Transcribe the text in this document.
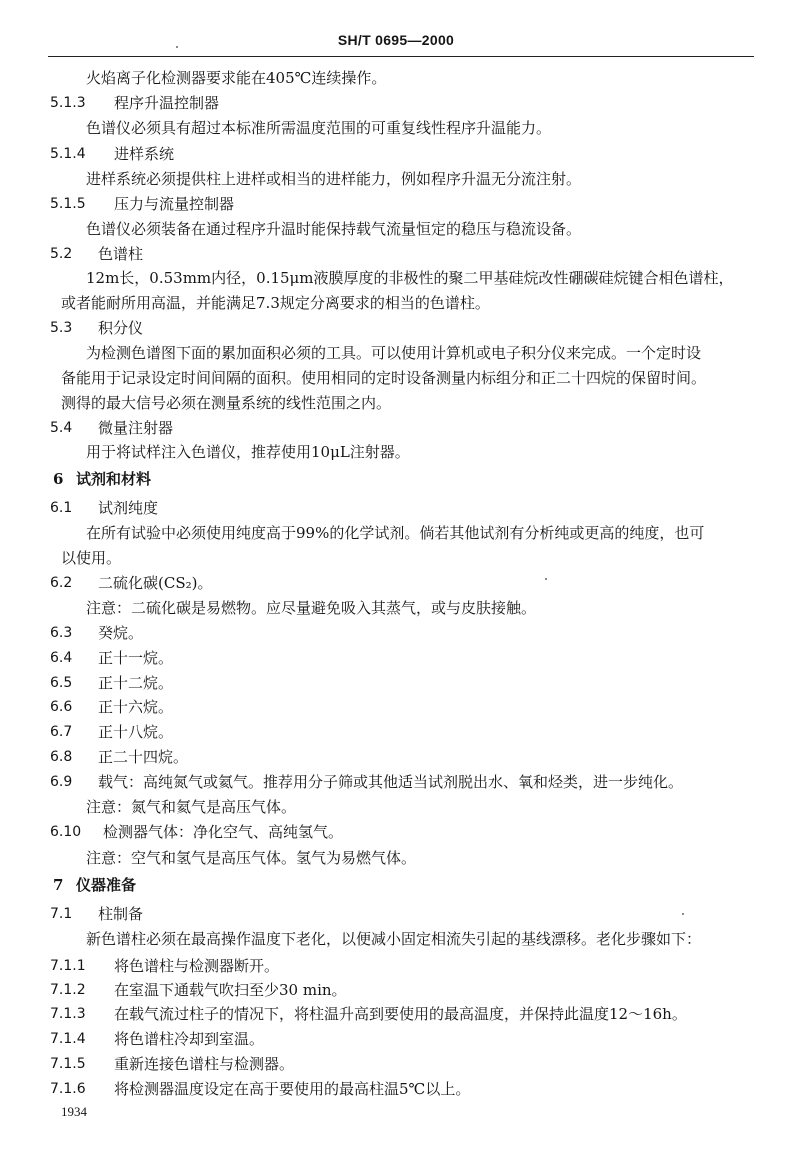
SH/T 0695—2000
火焰离子化检测器要求能在405℃连续操作。
5.1.3 程序升温控制器
色谱仪必须具有超过本标准所需温度范围的可重复线性程序升温能力。
5.1.4 进样系统
进样系统必须提供柱上进样或相当的进样能力，例如程序升温无分流注射。
5.1.5 压力与流量控制器
色谱仪必须装备在通过程序升温时能保持载气流量恒定的稳压与稳流设备。
5.2 色谱柱
12m长，0.53mm内径，0.15μm液膜厚度的非极性的聚二甲基硅烷改性硼碳硅烷键合相色谱柱，
或者能耐所用高温，并能满足7.3规定分离要求的相当的色谱柱。
5.3 积分仪
为检测色谱图下面的累加面积必须的工具。可以使用计算机或电子积分仪来完成。一个定时设
备能用于记录设定时间间隔的面积。使用相同的定时设备测量内标组分和正二十四烷的保留时间。
测得的最大信号必须在测量系统的线性范围之内。
5.4 微量注射器
用于将试样注入色谱仪，推荐使用10μL注射器。
6 试剂和材料
6.1 试剂纯度
在所有试验中必须使用纯度高于99%的化学试剂。倘若其他试剂有分析纯或更高的纯度，也可
以使用。
6.2 二硫化碳(CS₂)。
注意：二硫化碳是易燃物。应尽量避免吸入其蒸气，或与皮肤接触。
6.3 癸烷。
6.4 正十一烷。
6.5 正十二烷。
6.6 正十六烷。
6.7 正十八烷。
6.8 正二十四烷。
6.9 载气：高纯氮气或氦气。推荐用分子筛或其他适当试剂脱出水、氧和烃类，进一步纯化。
注意：氮气和氦气是高压气体。
6.10 检测器气体：净化空气、高纯氢气。
注意：空气和氢气是高压气体。氢气为易燃气体。
7 仪器准备
7.1 柱制备
新色谱柱必须在最高操作温度下老化，以便减小固定相流失引起的基线漂移。老化步骤如下：
7.1.1 将色谱柱与检测器断开。
7.1.2 在室温下通载气吹扫至少30 min。
7.1.3 在载气流过柱子的情况下，将柱温升高到要使用的最高温度，并保持此温度12～16h。
7.1.4 将色谱柱冷却到室温。
7.1.5 重新连接色谱柱与检测器。
7.1.6 将检测器温度设定在高于要使用的最高柱温5℃以上。
1934
